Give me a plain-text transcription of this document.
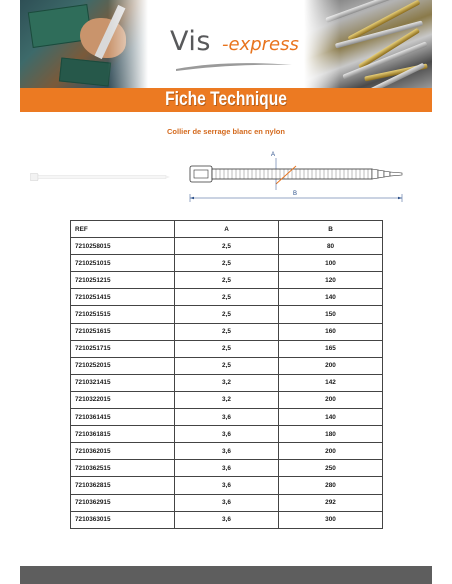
Vis -express
Fiche Technique
Collier de serrage blanc en nylon
A
B
REF	A	B
7210258015	2,5	80
7210251015	2,5	100
7210251215	2,5	120
7210251415	2,5	140
7210251515	2,5	150
7210251615	2,5	160
7210251715	2,5	165
7210252015	2,5	200
7210321415	3,2	142
7210322015	3,2	200
7210361415	3,6	140
7210361815	3,6	180
7210362015	3,6	200
7210362515	3,6	250
7210362815	3,6	280
7210362915	3,6	292
7210363015	3,6	300
